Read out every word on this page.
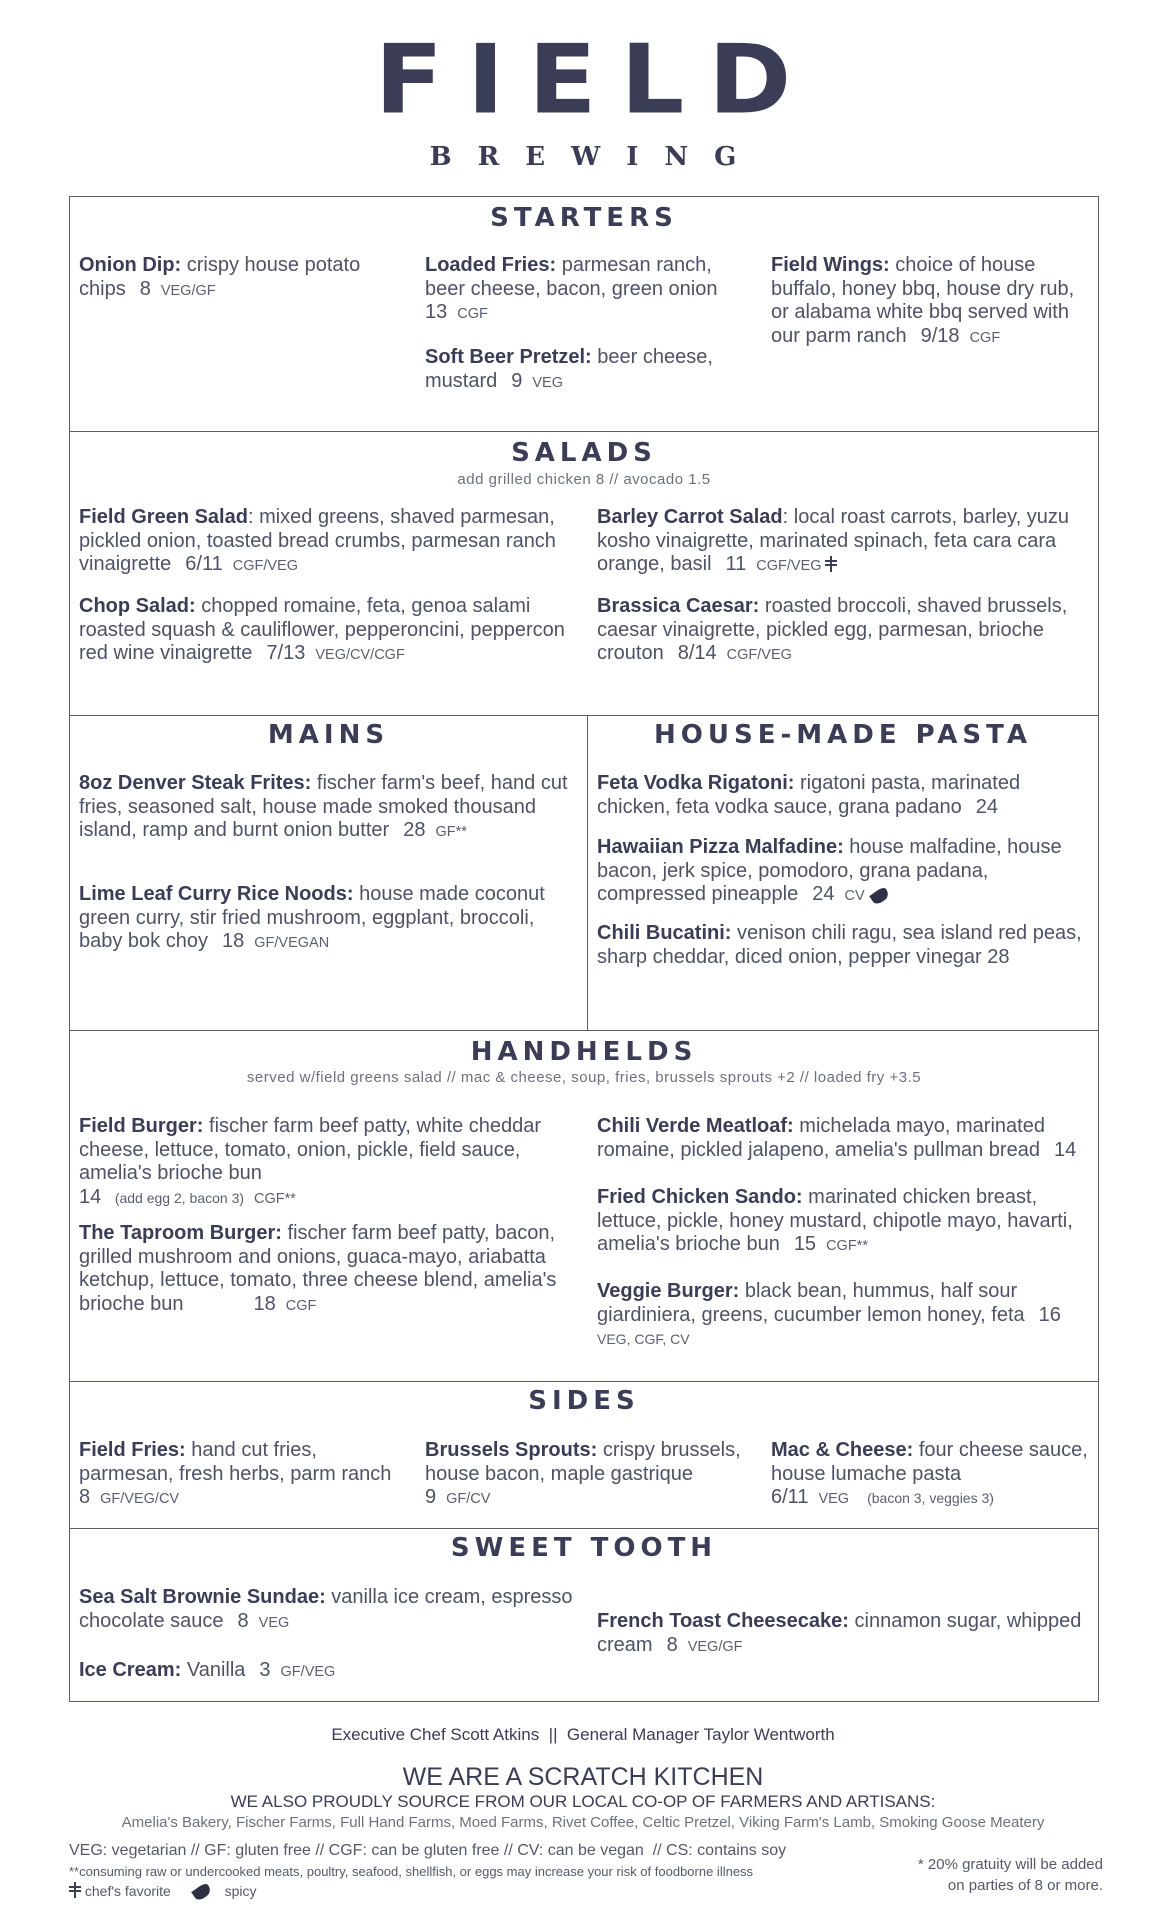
FIELD
BREWING
STARTERS
Onion Dip: crispy house potato chips 8 VEG/GF
Loaded Fries: parmesan ranch, beer cheese, bacon, green onion
13 CGF
Soft Beer Pretzel: beer cheese, mustard 9 VEG
Field Wings: choice of house buffalo, honey bbq, house dry rub, or alabama white bbq served with our parm ranch 9/18 CGF
SALADS
add grilled chicken 8 // avocado 1.5
Field Green Salad: mixed greens, shaved parmesan, pickled onion, toasted bread crumbs, parmesan ranch vinaigrette 6/11 CGF/VEG
Barley Carrot Salad: local roast carrots, barley, yuzu kosho vinaigrette, marinated spinach, feta cara cara orange, basil 11 CGF/VEG
Chop Salad: chopped romaine, feta, genoa salami roasted squash & cauliflower, pepperoncini, peppercon red wine vinaigrette 7/13 VEG/CV/CGF
Brassica Caesar: roasted broccoli, shaved brussels, caesar vinaigrette, pickled egg, parmesan, brioche crouton 8/14 CGF/VEG
MAINS
8oz Denver Steak Frites: fischer farm's beef, hand cut fries, seasoned salt, house made smoked thousand island, ramp and burnt onion butter 28 GF**
Lime Leaf Curry Rice Noods: house made coconut green curry, stir fried mushroom, eggplant, broccoli, baby bok choy 18 GF/VEGAN
HOUSE-MADE PASTA
Feta Vodka Rigatoni: rigatoni pasta, marinated chicken, feta vodka sauce, grana padano 24
Hawaiian Pizza Malfadine: house malfadine, house bacon, jerk spice, pomodoro, grana padana, compressed pineapple 24 CV
Chili Bucatini: venison chili ragu, sea island red peas, sharp cheddar, diced onion, pepper vinegar 28
HANDHELDS
served w/field greens salad // mac & cheese, soup, fries, brussels sprouts +2 // loaded fry +3.5
Field Burger: fischer farm beef patty, white cheddar cheese, lettuce, tomato, onion, pickle, field sauce, amelia's brioche bun
14 (add egg 2, bacon 3) CGF**
The Taproom Burger: fischer farm beef patty, bacon, grilled mushroom and onions, guaca-mayo, ariabatta ketchup, lettuce, tomato, three cheese blend, amelia's brioche bun	18 CGF
Chili Verde Meatloaf: michelada mayo, marinated romaine, pickled jalapeno, amelia's pullman bread 14
Fried Chicken Sando: marinated chicken breast, lettuce, pickle, honey mustard, chipotle mayo, havarti, amelia's brioche bun 15 CGF**
Veggie Burger: black bean, hummus, half sour giardiniera, greens, cucumber lemon honey, feta 16
VEG, CGF, CV
SIDES
Field Fries: hand cut fries, parmesan, fresh herbs, parm ranch
8 GF/VEG/CV
Brussels Sprouts: crispy brussels, house bacon, maple gastrique
9 GF/CV
Mac & Cheese: four cheese sauce, house lumache pasta
6/11 VEG (bacon 3, veggies 3)
SWEET TOOTH
Sea Salt Brownie Sundae: vanilla ice cream, espresso chocolate sauce 8 VEG
Ice Cream: Vanilla 3 GF/VEG
French Toast Cheesecake: cinnamon sugar, whipped cream 8 VEG/GF
Executive Chef Scott Atkins  ||  General Manager Taylor Wentworth
WE ARE A SCRATCH KITCHEN
WE ALSO PROUDLY SOURCE FROM OUR LOCAL CO-OP OF FARMERS AND ARTISANS:
Amelia's Bakery, Fischer Farms, Full Hand Farms, Moed Farms, Rivet Coffee, Celtic Pretzel, Viking Farm's Lamb, Smoking Goose Meatery
VEG: vegetarian // GF: gluten free // CGF: can be gluten free // CV: can be vegan  // CS: contains soy
**consuming raw or undercooked meats, poultry, seafood, shellfish, or eggs may increase your risk of foodborne illness
chef's favorite	spicy
* 20% gratuity will be added
on parties of 8 or more.
